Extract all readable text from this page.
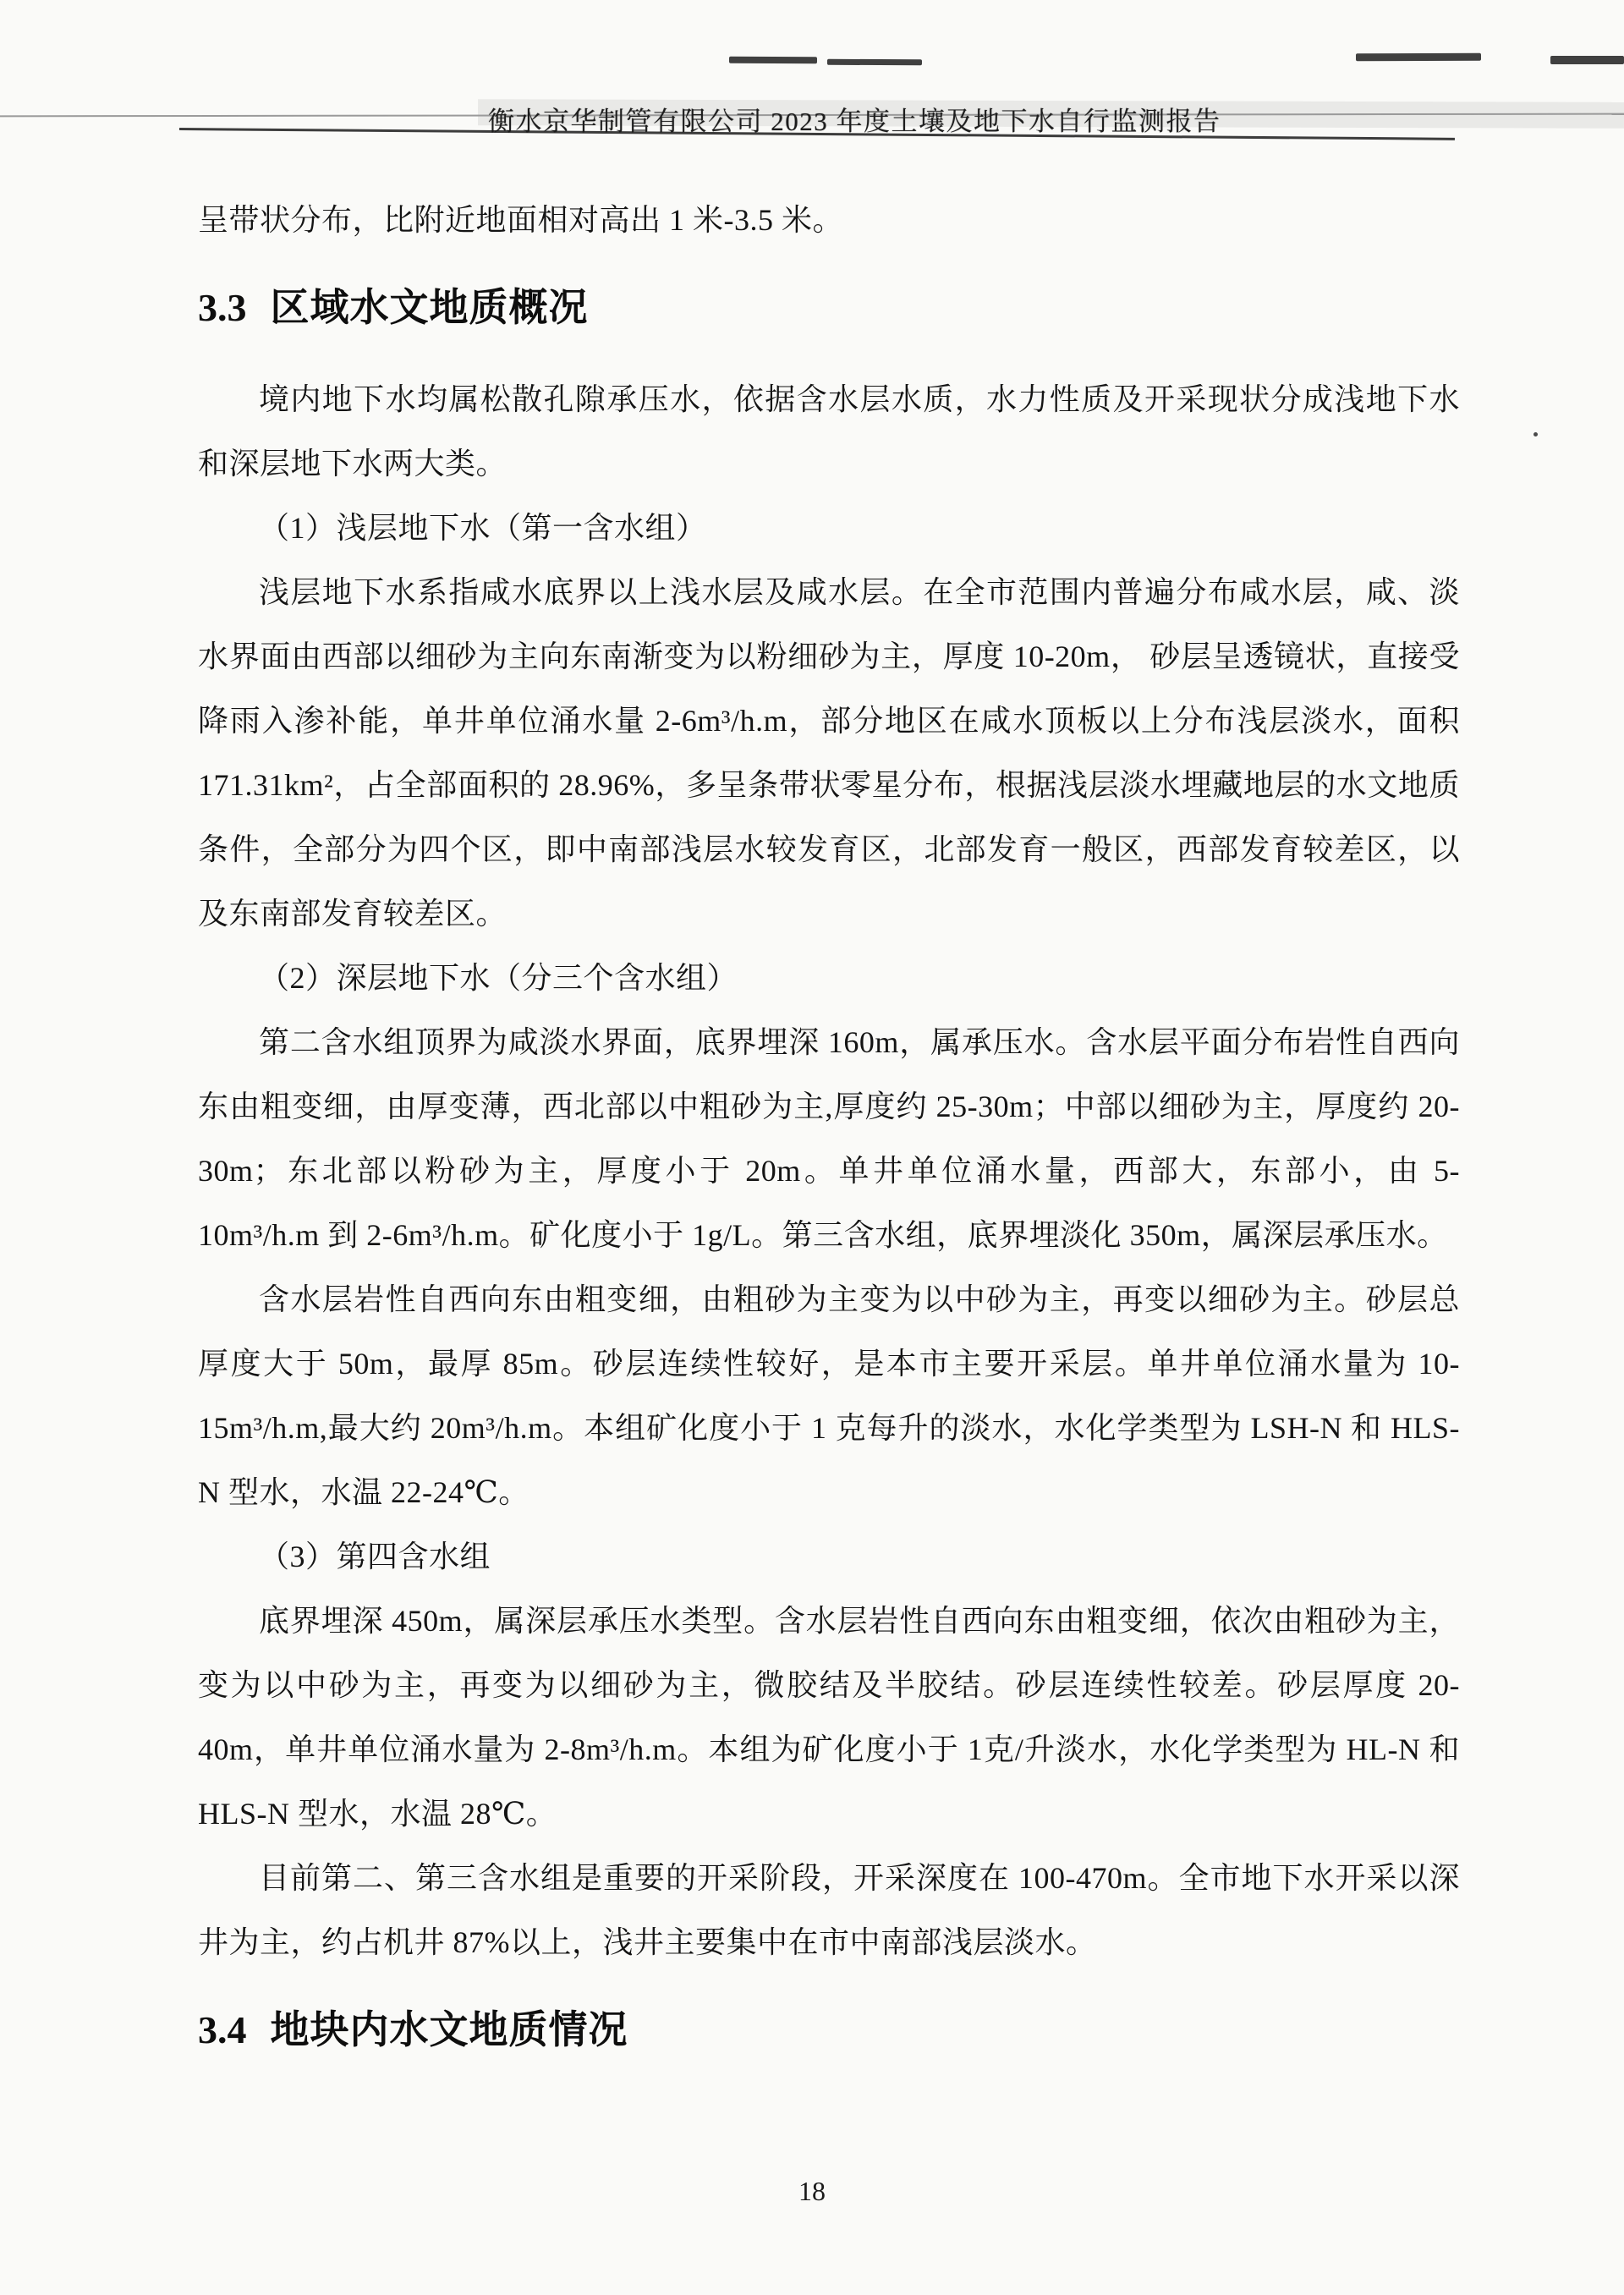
衡水京华制管有限公司 2023 年度土壤及地下水自行监测报告

呈带状分布，比附近地面相对高出 1 米-3.5 米。

3.3 区域水文地质概况

境内地下水均属松散孔隙承压水，依据含水层水质，水力性质及开采现状分成浅地下水和深层地下水两大类。

（1）浅层地下水（第一含水组）

浅层地下水系指咸水底界以上浅水层及咸水层。在全市范围内普遍分布咸水层，咸、淡水界面由西部以细砂为主向东南渐变为以粉细砂为主，厚度 10-20m， 砂层呈透镜状，直接受降雨入渗补能，单井单位涌水量 2-6m³/h.m，部分地区在咸水顶板以上分布浅层淡水，面积 171.31km²，占全部面积的 28.96%，多呈条带状零星分布，根据浅层淡水埋藏地层的水文地质条件，全部分为四个区，即中南部浅层水较发育区，北部发育一般区，西部发育较差区，以及东南部发育较差区。

（2）深层地下水（分三个含水组）

第二含水组顶界为咸淡水界面，底界埋深 160m，属承压水。含水层平面分布岩性自西向东由粗变细，由厚变薄，西北部以中粗砂为主,厚度约 25-30m；中部以细砂为主，厚度约 20-30m；东北部以粉砂为主，厚度小于 20m。单井单位涌水量，西部大，东部小，由 5-10m³/h.m 到 2-6m³/h.m。矿化度小于 1g/L。第三含水组，底界埋淡化 350m，属深层承压水。

含水层岩性自西向东由粗变细，由粗砂为主变为以中砂为主，再变以细砂为主。砂层总厚度大于 50m，最厚 85m。砂层连续性较好，是本市主要开采层。单井单位涌水量为 10-15m³/h.m,最大约 20m³/h.m。本组矿化度小于 1 克每升的淡水，水化学类型为 LSH-N 和 HLS-N 型水，水温 22-24℃。

（3）第四含水组

底界埋深 450m，属深层承压水类型。含水层岩性自西向东由粗变细，依次由粗砂为主，变为以中砂为主，再变为以细砂为主，微胶结及半胶结。砂层连续性较差。砂层厚度 20-40m，单井单位涌水量为 2-8m³/h.m。本组为矿化度小于 1克/升淡水，水化学类型为 HL-N 和 HLS-N 型水，水温 28℃。

目前第二、第三含水组是重要的开采阶段，开采深度在 100-470m。全市地下水开采以深井为主，约占机井 87%以上，浅井主要集中在市中南部浅层淡水。

3.4 地块内水文地质情况
18
